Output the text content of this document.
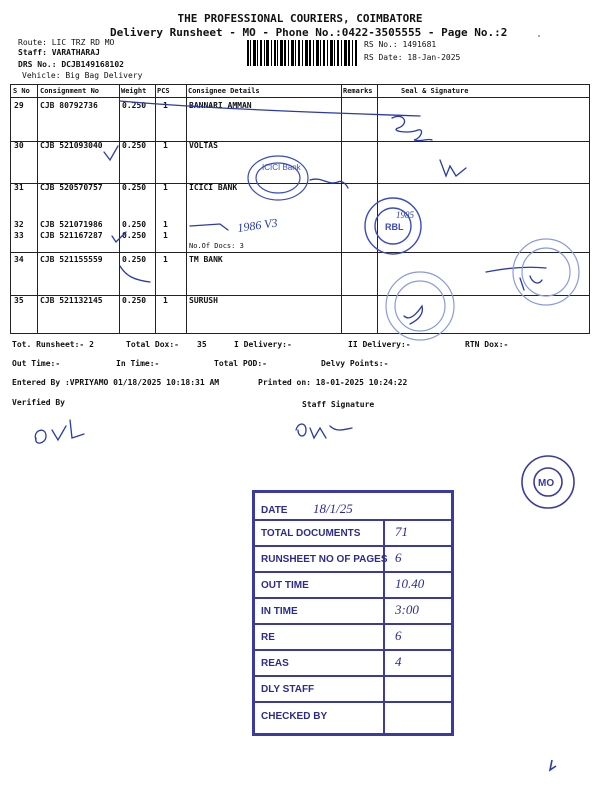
THE PROFESSIONAL COURIERS, COIMBATORE
Delivery Runsheet - MO - Phone No.:0422-3505555 - Page No.:2
Route: LIC TRZ RD MO
Staff: VARATHARAJ
DRS No.: DCJB149168102
Vehicle: Big Bag Delivery
RS No.: 1491681
RS Date: 18-Jan-2025
S No Consignment No	Weight PCS	Consignee Details	Remarks	Seal & Signature
29 CJB 80792736	0.250 1	BANNARI AMMAN
30 CJB 521093040 0.250 1	VOLTAS
31 CJB 520570757 0.250 1	ICICI BANK
32 CJB 521071986 0.250 1
33 CJB 521167287 0.250 1
No.Of Docs: 3
34 CJB 521155559 0.250 1	TM BANK
35 CJB 521132145 0.250 1	SURUSH
Tot. Runsheet:- 2	Total Dox:- 35	I Delivery:-	II Delivery:-	RTN Dox:-
Out Time:-	In Time:-	Total POD:-	Delvy Points:-
Entered By :VPRIYAMO 01/18/2025 10:18:31 AM	Printed on: 18-01-2025 10:24:22
Verified By	Staff Signature
DATE 18/1/25
TOTAL DOCUMENTS	71
RUNSHEET NO OF PAGES 6
OUT TIME	10.40
IN TIME	3:00
RE	6
REAS	4
DLY STAFF
CHECKED BY
1986 V3
1985
ICICI Bank
RBL
MO
